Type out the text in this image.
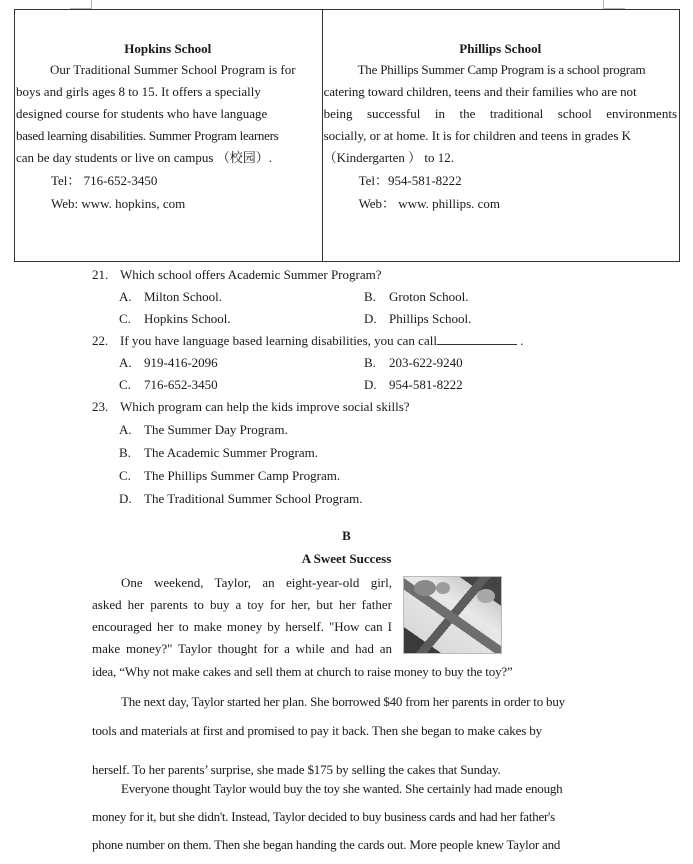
Hopkins School
Our Traditional Summer School Program is for
boys and girls ages 8 to 15. It offers a specially
designed course for students who have language
based learning disabilities. Summer Program learners
can be day students or live on campus （校园）.
Tel： 716-652-3450
Web: www. hopkins, com
Phillips School
The Phillips Summer Camp Program is a school program
catering toward children, teens and their families who are not
being  successful  in  the  traditional  school  environments
socially, or at home. It is for children and teens in grades K
（Kindergarten ） to 12.
Tel：954-581-8222
Web： www. phillips. com
21. Which school offers Academic Summer Program?
A. Milton School.	B. Groton School.
C. Hopkins School.	D. Phillips School.
22. If you have language based learning disabilities, you can call	.
A. 919-416-2096	B. 203-622-9240
C. 716-652-3450	D. 954-581-8222
23. Which program can help the kids improve social skills?
A. The Summer Day Program.
B. The Academic Summer Program.
C. The Phillips Summer Camp Program.
D. The Traditional Summer School Program.
B
A Sweet Success
One weekend, Taylor, an eight-year-old girl,
asked her parents to buy a toy for her, but her father
encouraged her to make money by herself. "How can I
make money?" Taylor thought for a while and had an
idea, “Why not make cakes and sell them at church to raise money to buy the toy?”
The next day, Taylor started her plan. She borrowed $40 from her parents in order to buy
tools and materials at first and promised to pay it back. Then she began to make cakes by
herself. To her parents’ surprise, she made $175 by selling the cakes that Sunday.
Everyone thought Taylor would buy the toy she wanted. She certainly had made enough
money for it, but she didn't. Instead, Taylor decided to buy business cards and had her father's
phone number on them. Then she began handing the cards out. More people knew Taylor and
